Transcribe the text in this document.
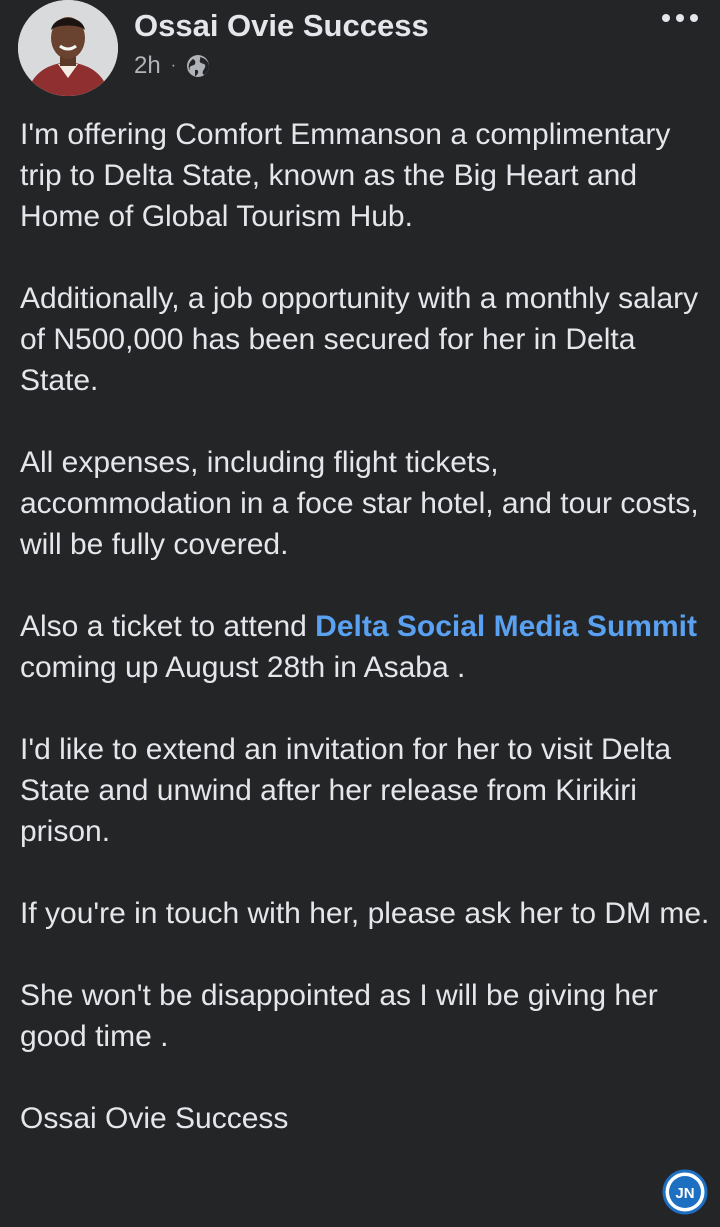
Ossai Ovie Success
2h ·

I'm offering Comfort Emmanson a complimentary trip to Delta State, known as the Big Heart and Home of Global Tourism Hub.

Additionally, a job opportunity with a monthly salary of N500,000 has been secured for her in Delta State.

All expenses, including flight tickets, accommodation in a foce star hotel, and tour costs, will be fully covered.

Also a ticket to attend Delta Social Media Summit  coming up August 28th in Asaba .

I'd like to extend an invitation for her to visit Delta State and unwind after her release from Kirikiri prison.

If you're in touch with her, please ask her to DM me.

She won't be disappointed as I will be giving her good time .

Ossai Ovie Success

JN
